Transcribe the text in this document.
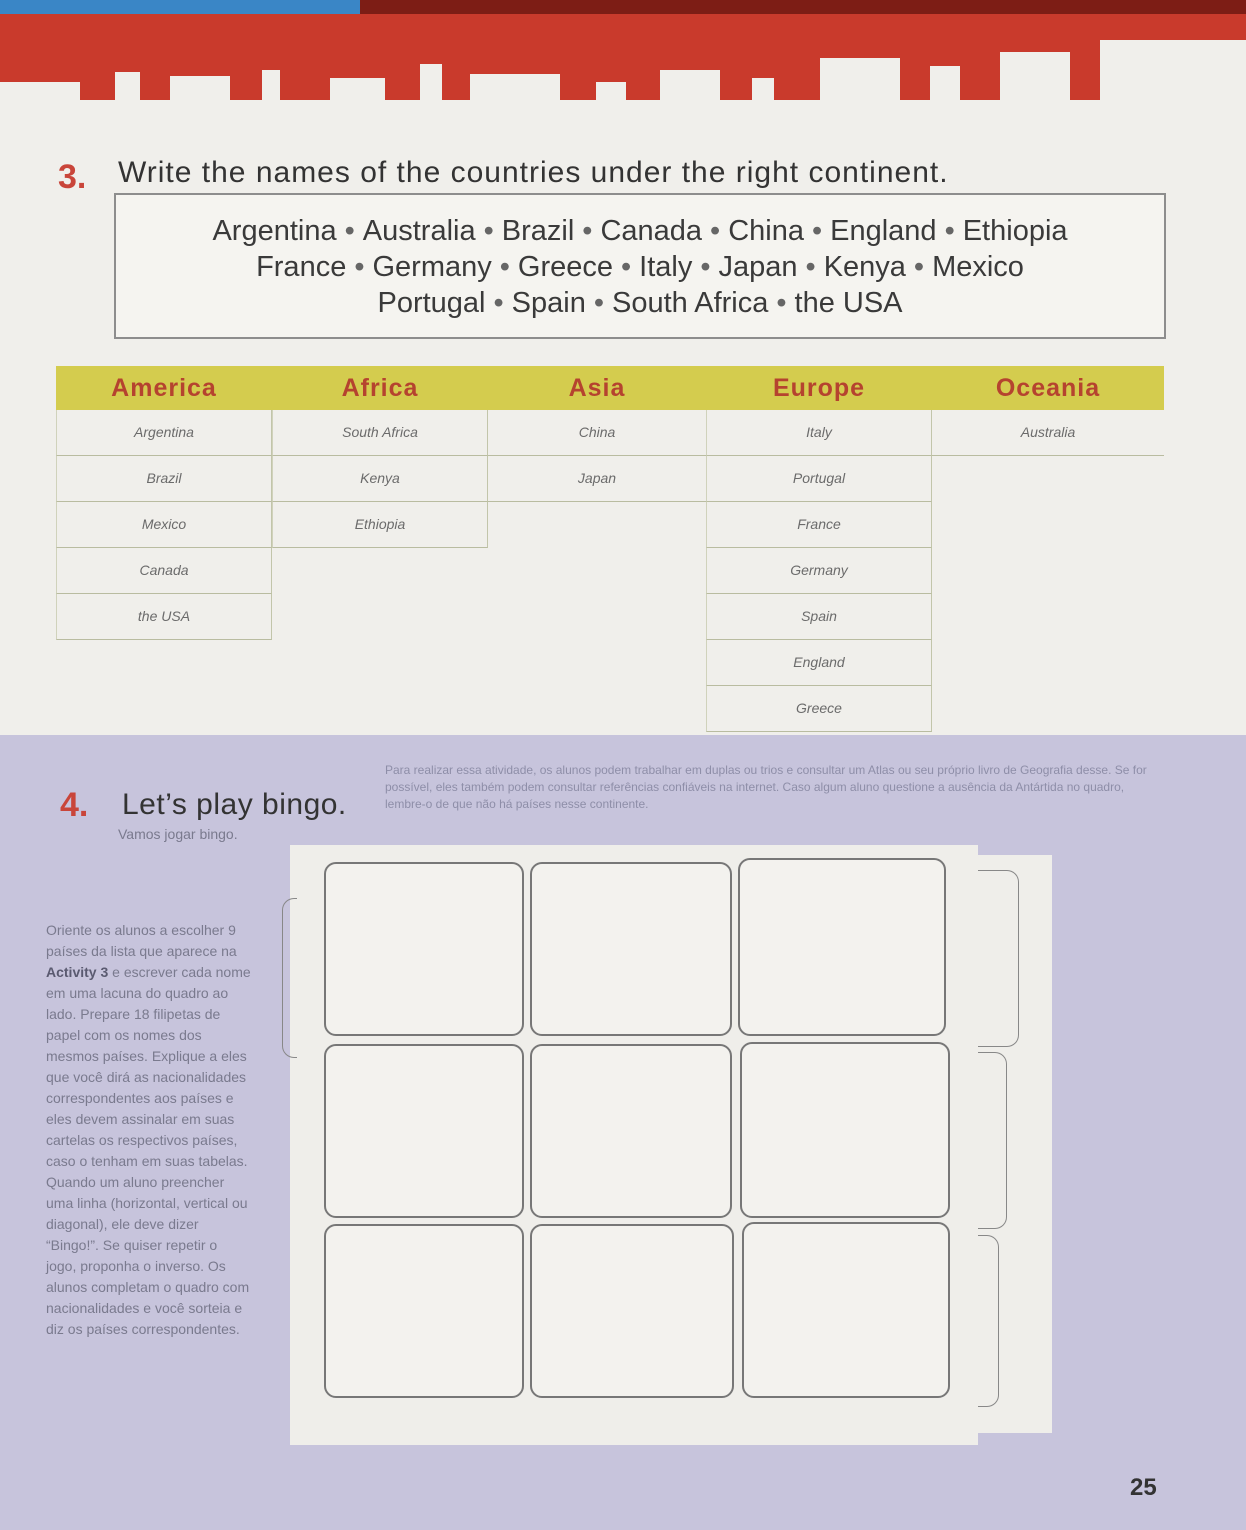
3. Write the names of the countries under the right continent.
Argentina • Australia • Brazil • Canada • China • England • Ethiopia
France • Germany • Greece • Italy • Japan • Kenya • Mexico
Portugal • Spain • South Africa • the USA
America
Argentina
Brazil
Mexico
Canada
the USA
Africa
South Africa
Kenya
Ethiopia
Asia
China
Japan
Europe
Italy
Portugal
France
Germany
Spain
England
Greece
Oceania
Australia
Para realizar essa atividade, os alunos podem trabalhar em duplas ou trios e consultar um Atlas ou seu próprio livro de Geografia desse. Se for possível, eles também podem consultar referências confiáveis na internet. Caso algum aluno questione a ausência da Antártida no quadro, lembre-o de que não há países nesse continente.
4. Let’s play bingo.
Vamos jogar bingo.
Oriente os alunos a escolher 9 países da lista que aparece na Activity 3 e escrever cada nome em uma lacuna do quadro ao lado. Prepare 18 filipetas de papel com os nomes dos mesmos países. Explique a eles que você dirá as nacionalidades correspondentes aos países e eles devem assinalar em suas cartelas os respectivos países, caso o tenham em suas tabelas. Quando um aluno preencher uma linha (horizontal, vertical ou diagonal), ele deve dizer “Bingo!”. Se quiser repetir o jogo, proponha o inverso. Os alunos completam o quadro com nacionalidades e você sorteia e diz os países correspondentes.
25
